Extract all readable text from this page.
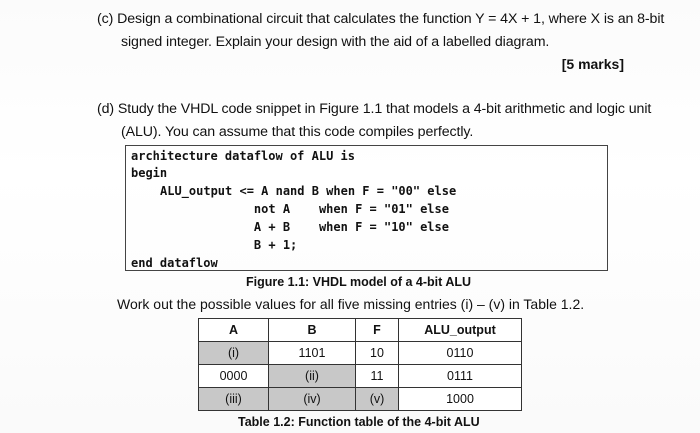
(c) Design a combinational circuit that calculates the function Y = 4X + 1, where X is an 8-bit
signed integer. Explain your design with the aid of a labelled diagram.
[5 marks]
(d) Study the VHDL code snippet in Figure 1.1 that models a 4-bit arithmetic and logic unit
(ALU). You can assume that this code compiles perfectly.
architecture dataflow of ALU is
begin
ALU_output <= A nand B when F = "00" else
not A    when F = "01" else
A + B    when F = "10" else
B + 1;
end dataflow
Figure 1.1: VHDL model of a 4-bit ALU
Work out the possible values for all five missing entries (i) – (v) in Table 1.2.
A	B	F	ALU_output
(i)	1101	10	0110
0000	(ii)	11	0111
(iii)	(iv)	(v)	1000
Table 1.2: Function table of the 4-bit ALU
